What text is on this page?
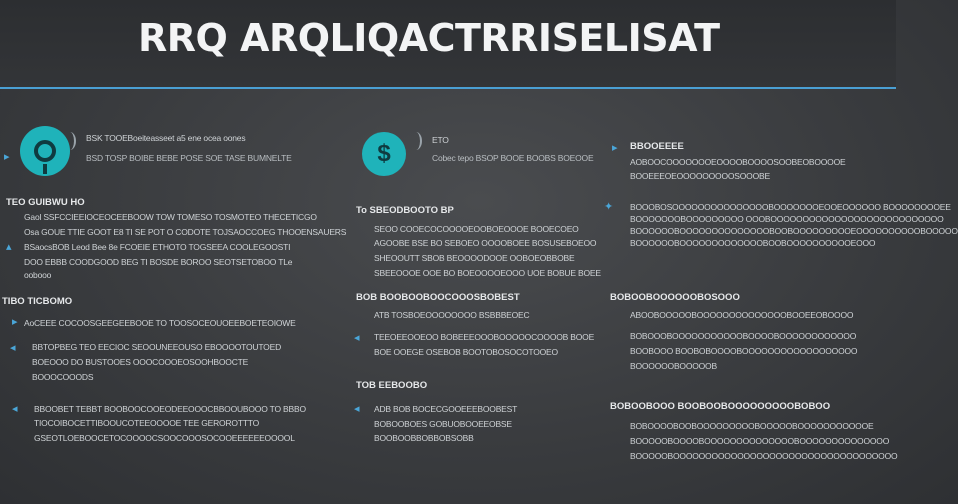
RRQ ARQLIQACTRRISELISAT
▸
BSK TOOEBoeiteasseet a5 ene ocea oones
BSD TOSP BOIBE BEBE POSE SOE TASE BUMNELTE
TEO GUIBWU HO
Gaol SSFCCIEEIOCEOCEEBOOW TOW TOMESO TOSMOTEO THECETICGO
Osa GOUE TTIE GOOT E8 TI SE POT O CODOTE TOJSAOCCOEG THOOENSAUERS
▴ BSaocsBOB Leod Bee 8e FCOEIE ETHOTO TOGSEEA COOLEGOOSTI
DOO EBBB COODGOOD BEG TI BOSDE BOROO SEOTSETOBOO TLe
oobooo
TIBO TICBOMO
▸ AoCEEE COCOOSGEEGEEBOOE TO TOOSOCEOUOEEBOETEOIOWE
◂ BBTOPBEG TEO EECIOC SEOOUNEEOUSO EBOOOOTOUTOED
BOEOOO DO BUSTOOES OOOCOOOEOSOOHBOOCTE
BOOOCOOODS
◂ BBOOBET TEBBT BOOBOOCOOEODEEOOOCBBOOUBOOO TO BBBO
TIOCOIBOCETTIBOOUCOTEEOOOOE TEE GEROROTTTO
GSEOTLOEBOOCETOCOOOOCSOOCOOOSOCOOEEEEEEOOOOL
$	ETO
Cobec tepo BSOP BOOE BOOBS BOEOOE
To SBEODBOOTO BP
SEOO COOECOCOOOOEOOBOEOOOE BOOECOEO
AGOOBE BSE BO SEBOEO OOOOBOEE BOSUSEBOEOO
SHEOOUTT SBOB BEOOOODOOE OOBOEOBBOBE
SBEEOOOE OOE BO BOEOOOOEOOO UOE BOBUE BOEE
BOB BOOBOOBOOCOOOSBOBEST
ATB TOSBOEOOOOOOOO BSBBBEOEC
◂ TEEOEEOOEOO BOBEEEOOOBOOOOOCOOOOB BOOE
BOE OOEGE OSEBOB BOOTOBOSOCOTOOEO
TOB EEBOOBO
◂ ADB BOB BOCECGOOEEEBOOBEST
BOBOOBOES GOBUOBOOEEOBSE
BOOBOOBBOBBOBSOBB
▸ BBOOEEEE
AOBOOCOOOOOOOEOOOOBOOOOSOOBEOBOOOOE
BOOEEEOEOOOOOOOOOSOOOBE
✦ BOOOBOSOOOOOOOOOOOOOOOBOOOOOOOEOOEOOOOOO BOOOOOOOOEE
BOOOOOOOBOOOOOOOOO OOOBOOOOOOOOOOOOOOOOOOOOOOOOOOO
BOOOOOOBOOOOOOOOOOOOOOBOOBOOOOOOOOOEOOOOOOOOOOBOOOOO
BOOOOOOBOOOOOOOOOOOOOBOOBOOOOOOOOOOEOOO
BOBOOBOOOOOOBOSOOO
ABOOBOOOOOBOOOOOOOOOOOOOOBOOEEOBOOOO
BOBOOOBOOOOOOOOOOOBOOOOBOOOOOOOOOOOO
BOOBOOO BOOBOBOOOOBOOOOOOOOOOOOOOOOOO
BOOOOOOBOOOOOB
BOBOOBOOO BOOBOOBOOOOOOOOOBOBOO
BOBOOOOBOOBOOOOOOOOOBOOOOOBOOOOOOOOOOOE
BOOOOOBOOOOBOOOOOOOOOOOOOOBOOOOOOOOOOOOOO
BOOOOOBOOOOOOOOOOOOOOOOOOOOOOOOOOOOOOOOOOO
